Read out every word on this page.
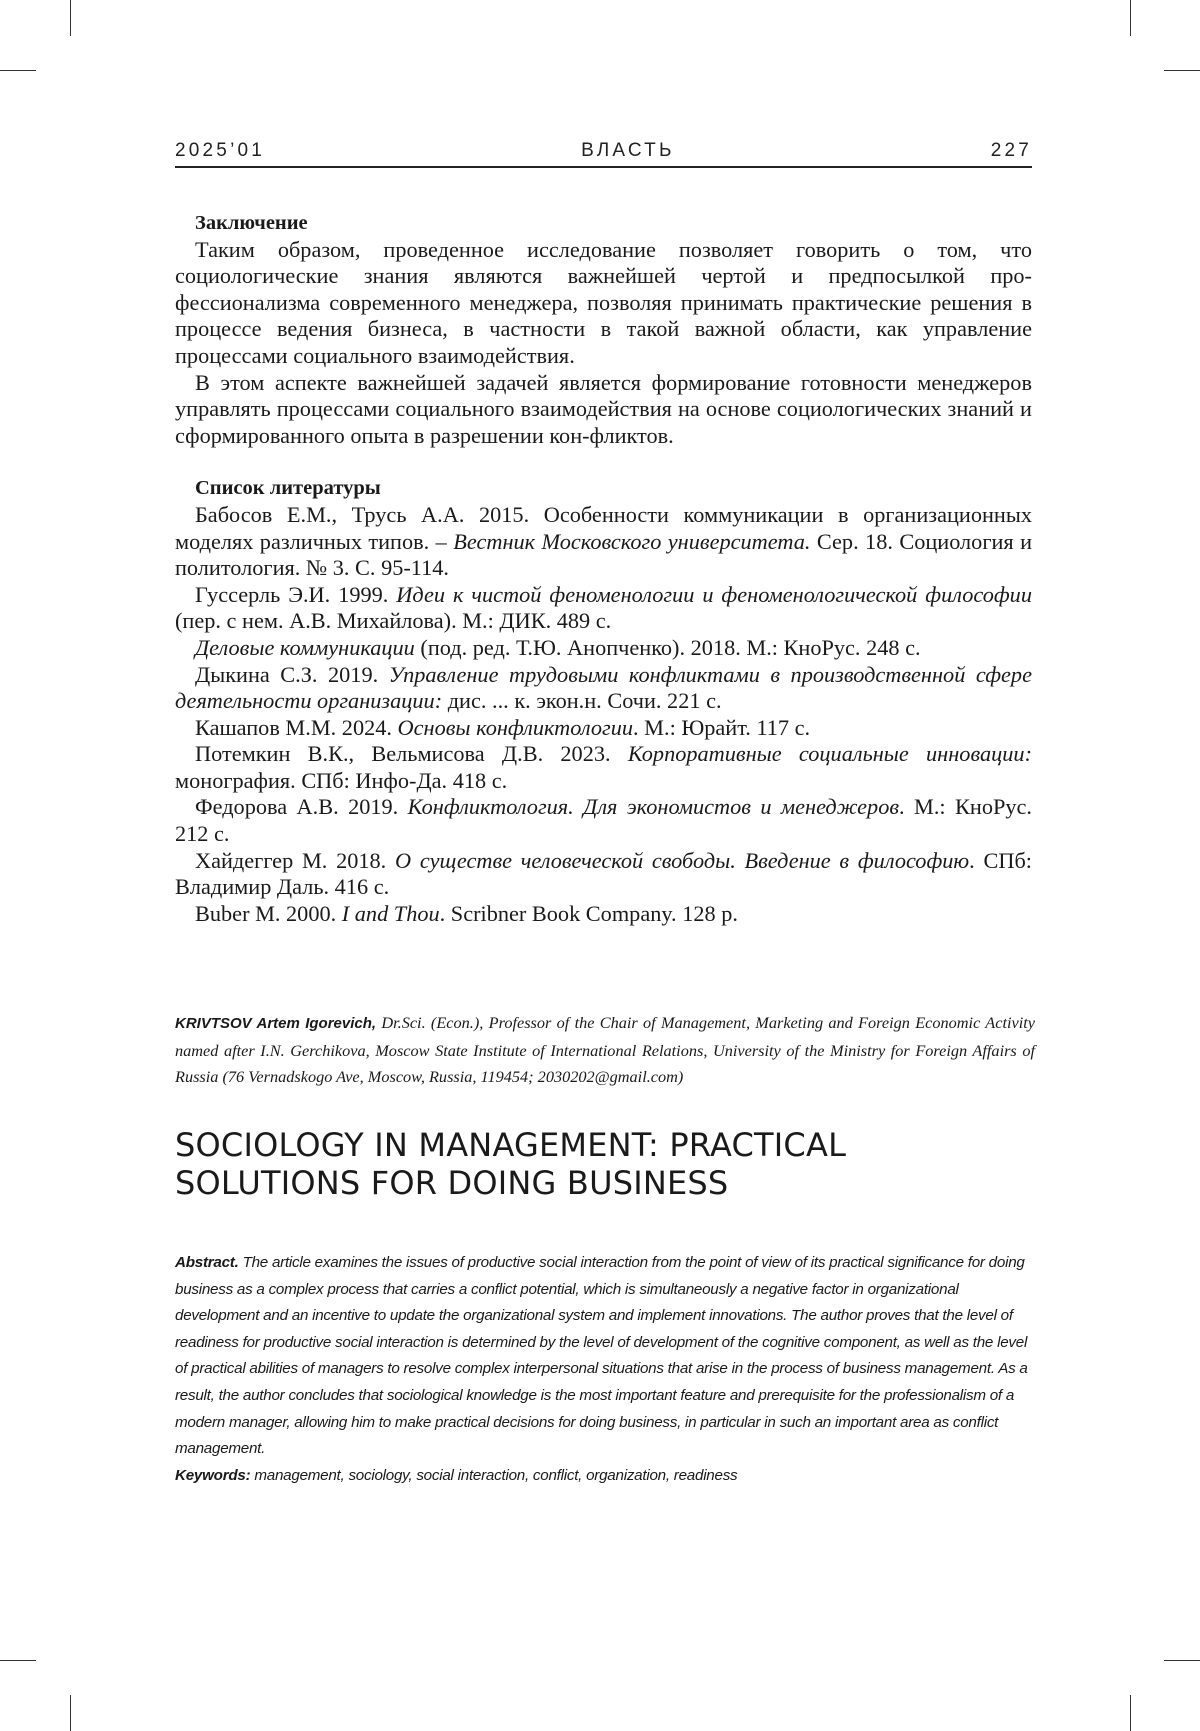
2025’01	ВЛАСТЬ	227
Заключение

Таким образом, проведенное исследование позволяет говорить о том, что социологические знания являются важнейшей чертой и предпосылкой про-фессионализма современного менеджера, позволяя принимать практические решения в процессе ведения бизнеса, в частности в такой важной области, как управление процессами социального взаимодействия.

В этом аспекте важнейшей задачей является формирование готовности менеджеров управлять процессами социального взаимодействия на основе социологических знаний и сформированного опыта в разрешении кон-фликтов.

Список литературы

Бабосов Е.М., Трусь А.А. 2015. Особенности коммуникации в организационных моделях различных типов. – Вестник Московского университета. Сер. 18. Социология и политология. № 3. С. 95-114.

Гуссерль Э.И. 1999. Идеи к чистой феноменологии и феноменологической философии (пер. с нем. А.В. Михайлова). М.: ДИК. 489 с.

Деловые коммуникации (под. ред. Т.Ю. Анопченко). 2018. М.: КноРус. 248 с.

Дыкина С.З. 2019. Управление трудовыми конфликтами в производственной сфере деятельности организации: дис. ... к. экон.н. Сочи. 221 с.

Кашапов М.М. 2024. Основы конфликтологии. М.: Юрайт. 117 с.

Потемкин В.К., Вельмисова Д.В. 2023. Корпоративные социальные инновации: монография. СПб: Инфо-Да. 418 с.

Федорова А.В. 2019. Конфликтология. Для экономистов и менеджеров. М.: КноРус. 212 с.

Хайдеггер М. 2018. О существе человеческой свободы. Введение в философию. СПб: Владимир Даль. 416 с.

Buber M. 2000. I and Thou. Scribner Book Company. 128 p.

KRIVTSOV Artem Igorevich, Dr.Sci. (Econ.), Professor of the Chair of Management, Marketing and Foreign Economic Activity named after I.N. Gerchikova, Moscow State Institute of International Relations, University of the Ministry for Foreign Affairs of Russia (76 Vernadskogo Ave, Moscow, Russia, 119454; 2030202@gmail.com)
SOCIOLOGY IN MANAGEMENT: PRACTICAL SOLUTIONS FOR DOING BUSINESS

Abstract. The article examines the issues of productive social interaction from the point of view of its practical significance for doing business as a complex process that carries a conflict potential, which is simultaneously a negative factor in organizational development and an incentive to update the organizational system and implement innovations. The author proves that the level of readiness for productive social interaction is determined by the level of development of the cognitive component, as well as the level of practical abilities of managers to resolve complex interpersonal situations that arise in the process of business management. As a result, the author concludes that sociological knowledge is the most important feature and prerequisite for the professionalism of a modern manager, allowing him to make practical decisions for doing business, in particular in such an important area as conflict management.

Keywords: management, sociology, social interaction, conflict, organization, readiness
